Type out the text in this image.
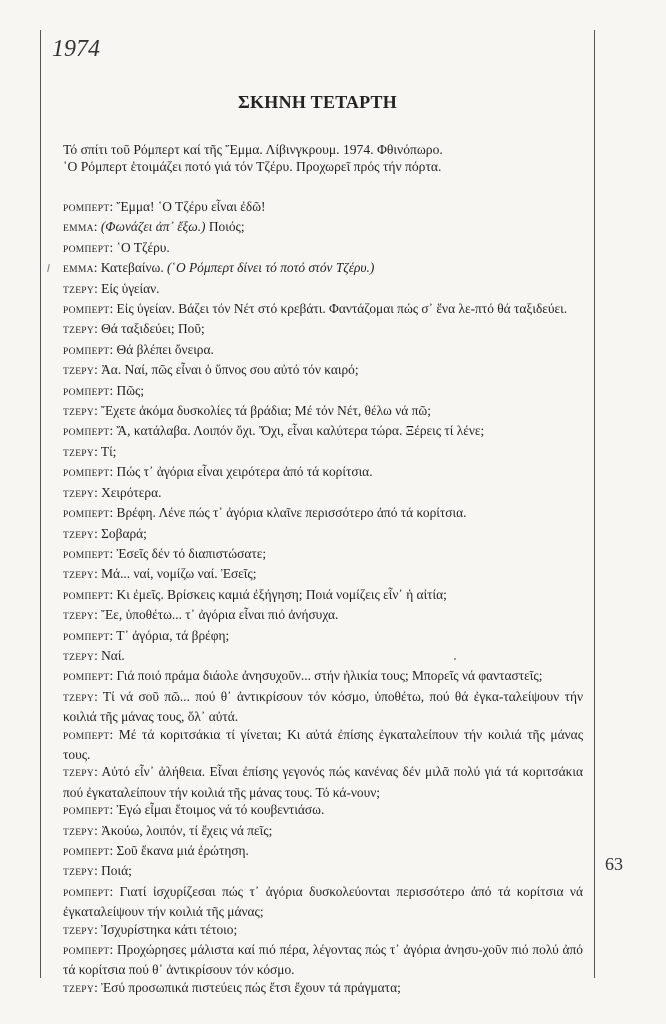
1974
ΣΚΗΝΗ ΤΕΤΑΡΤΗ
Τό σπίτι τοῦ Ρόμπερτ καί τῆς Ἔμμα. Λίβινγκρουμ. 1974. Φθινόπωρο.
῾Ο Ρόμπερτ ἑτοιμάζει ποτό γιά τόν Τζέρυ. Προχωρεῖ πρός τήν πόρτα.
ΡΟΜΠΕΡΤ: Ἔμμα! ῾Ο Τζέρυ εἶναι ἐδῶ!
ΕΜΜΑ: (Φωνάζει ἀπ᾽ ἔξω.) Ποιός;
ΡΟΜΠΕΡΤ: ῾Ο Τζέρυ.
ΕΜΜΑ: Κατεβαίνω. (῾Ο Ρόμπερτ δίνει τό ποτό στόν Τζέρυ.)
ΤΖΕΡΥ: Εἰς ὑγείαν.
ΡΟΜΠΕΡΤ: Εἰς ὑγείαν. Βάζει τόν Νέτ στό κρεβάτι. Φαντάζομαι πώς σ᾽ ἕνα λε-πτό θά ταξιδεύει.
ΤΖΕΡΥ: Θά ταξιδεύει; Ποῦ;
ΡΟΜΠΕΡΤ: Θά βλέπει ὄνειρα.
ΤΖΕΡΥ: Ἀα. Ναί, πῶς εἶναι ὁ ὕπνος σου αὐτό τόν καιρό;
ΡΟΜΠΕΡΤ: Πῶς;
ΤΖΕΡΥ: Ἔχετε ἀκόμα δυσκολίες τά βράδια; Μέ τόν Νέτ, θέλω νά πῶ;
ΡΟΜΠΕΡΤ: Ἄ, κατάλαβα. Λοιπόν ὄχι. Ὄχι, εἶναι καλύτερα τώρα. Ξέρεις τί λένε;
ΤΖΕΡΥ: Τί;
ΡΟΜΠΕΡΤ: Πώς τ᾽ ἀγόρια εἶναι χειρότερα ἀπό τά κορίτσια.
ΤΖΕΡΥ: Χειρότερα.
ΡΟΜΠΕΡΤ: Βρέφη. Λένε πώς τ᾽ ἀγόρια κλαῖνε περισσότερο ἀπό τά κορίτσια.
ΤΖΕΡΥ: Σοβαρά;
ΡΟΜΠΕΡΤ: Ἐσεῖς δέν τό διαπιστώσατε;
ΤΖΕΡΥ: Μά... ναί, νομίζω ναί. Ἐσεῖς;
ΡΟΜΠΕΡΤ: Κι ἐμεῖς. Βρίσκεις καμιά ἐξήγηση; Ποιά νομίζεις εἶν᾽ ἡ αἰτία;
ΤΖΕΡΥ: Ἔε, ὑποθέτω... τ᾽ ἀγόρια εἶναι πιό ἀνήσυχα.
ΡΟΜΠΕΡΤ: Τ᾽ ἀγόρια, τά βρέφη;
ΤΖΕΡΥ: Ναί.
ΡΟΜΠΕΡΤ: Γιά ποιό πράμα διάολε ἀνησυχοῦν... στήν ἡλικία τους; Μπορεῖς νά φανταστεῖς;
ΤΖΕΡΥ: Τί νά σοῦ πῶ... πού θ᾽ ἀντικρίσουν τόν κόσμο, ὑποθέτω, πού θά ἐγκα-ταλείψουν τήν κοιλιά τῆς μάνας τους, ὅλ᾽ αὐτά.
ΡΟΜΠΕΡΤ: Μέ τά κοριτσάκια τί γίνεται; Κι αὐτά ἐπίσης ἐγκαταλείπουν τήν κοιλιά τῆς μάνας τους.
ΤΖΕΡΥ: Αὐτό εἶν᾽ ἀλήθεια. Εἶναι ἐπίσης γεγονός πώς κανένας δέν μιλᾶ πολύ γιά τά κοριτσάκια πού ἐγκαταλείπουν τήν κοιλιά τῆς μάνας τους. Τό κά-νουν;
ΡΟΜΠΕΡΤ: Ἐγώ εἶμαι ἕτοιμος νά τό κουβεντιάσω.
ΤΖΕΡΥ: Ἀκούω, λοιπόν, τί ἔχεις νά πεῖς;
ΡΟΜΠΕΡΤ: Σοῦ ἔκανα μιά ἐρώτηση.
ΤΖΕΡΥ: Ποιά;
ΡΟΜΠΕΡΤ: Γιατί ἰσχυρίζεσαι πώς τ᾽ ἀγόρια δυσκολεύονται περισσότερο ἀπό τά κορίτσια νά ἐγκαταλείψουν τήν κοιλιά τῆς μάνας;
ΤΖΕΡΥ: Ἰσχυρίστηκα κάτι τέτοιο;
ΡΟΜΠΕΡΤ: Προχώρησες μάλιστα καί πιό πέρα, λέγοντας πώς τ᾽ ἀγόρια ἀνησυ-χοῦν πιό πολύ ἀπό τά κορίτσια πού θ᾽ ἀντικρίσουν τόν κόσμο.
ΤΖΕΡΥ: Ἐσύ προσωπικά πιστεύεις πώς ἔτσι ἔχουν τά πράγματα;
63
